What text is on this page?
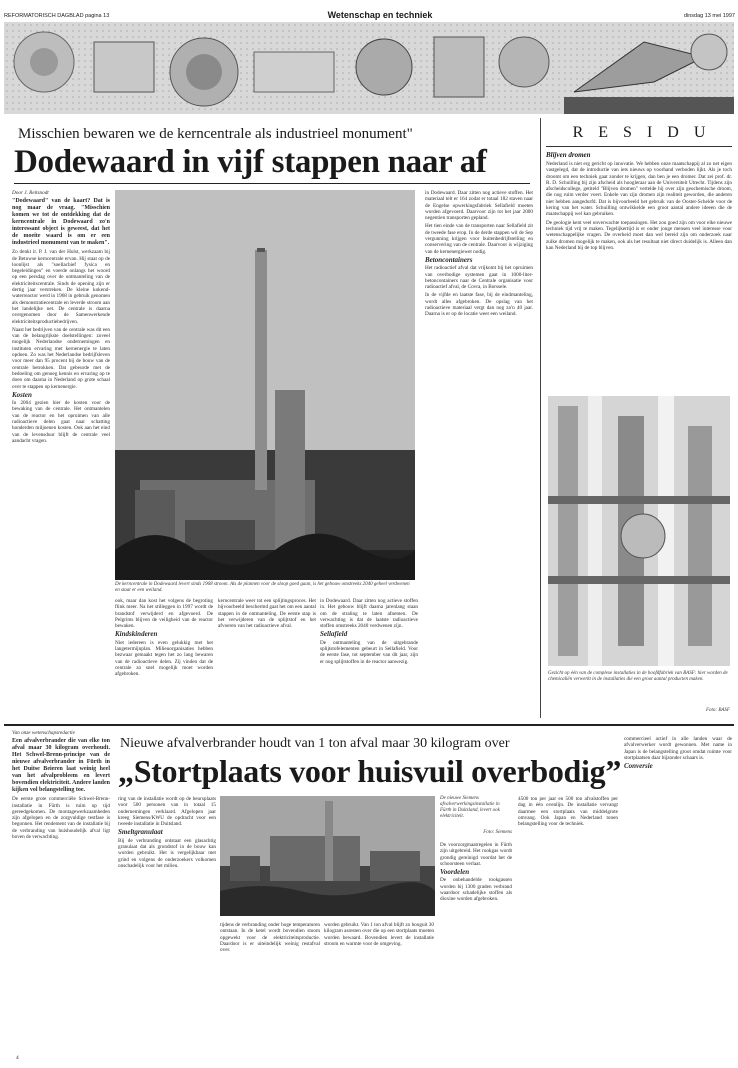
REFORMATORISCH DAGBLAD pagina 13	Wetenschap en techniek	dinsdag 13 mei 1997
Misschien bewaren we de kerncentrale als industrieel monument"
Dodewaard in vijf stappen naar af
Door J. Reitsnodt

"Dodewaard" van de kaart? Dat is nog maar de vraag. "Misschien komen we tot de ontdekking dat de kerncentrale in Dodewaard zo'n interessant object is geweest, dat het de moeite waard is om er een industrieel monument van te maken".

Zo denkt ir. P. J. van der Hulst, werkzaam bij de Betuwse kerncentrale ervan. Hij staat op de loonlijst als "soellachief fysica en begeleidingen" en voerde onlangs het woord op een persdag over de ontmanteling van de elektriciteitscentrale. Sinds de opening zijn er dertig jaar verstreken. De kleine kokend-waterreactor werd in 1968 in gebruik genomen als demonstratiecentrale en leverde stroom aan het landelijke net. De centrale is daarna overgenomen door de Samenwerkende elektriciteitsproductiebedrijven.

Naast het bedrijven van de centrale was dit een van de belangrijkste doelstellingen: zoveel mogelijk Nederlandse ondernemingen en instituten ervaring met kernenergie te laten opdoen. Zo was het Nederlandse bedrijfsleven voor meer dan 95 procent bij de bouw van de centrale betrokken. Dat gebeurde met de bedoeling om genoeg kennis en ervaring op te doen om daarna in Nederland op grote schaal over te stappen op kernenergie.

Kosten

In 2004 gezien hier de kosten voor de bewaking van de centrale. Het ontmantelen van de reactor en het opruimen van alle radioactieve delen gaat naar schatting honderden miljoenen kosten. Ook aan het eind van de levensduur blijft de centrale veel aandacht vragen.

De kerncentrale in Dodewaard levert sinds 1968 stroom. Als de plannen voor de sloop goed gaan, is het gebouw omstreeks 2040 geheel verdwenen en staat er een weiland.

in Dodewaard. Daar zitten nog actieve stoffen. Het materiaal telt er 164 zodat er totaal 182 staven naar de Engelse opwerkingsfabriek Sellafield moeten worden afgevoerd. Daarvoor zijn tot het jaar 2000 negentien transporten gepland.

Het tien einde van de transporten naar Sellafield zit de tweede fase erop. In de derde stappen wil de Sep vergunning krijgen voor buitenbedrijfstelling en conservering van de centrale. Daarvoor is wijziging van de kernenergiewet nodig.

Betoncontainers

Het radioactief afval dat vrijkomt bij het opruimen van overbodige systemen gaat in 1000-liter-betoncontainers naar de Centrale organisatie voor radioactief afval, de Covra, in Borssele.

In de vijfde en laatste fase, bij de eindmanteling, wordt alles afgebroken. De opslag van het radioactieve materiaal vergt dan nog zo'n 40 jaar. Daarna is er op de locatie weer een weiland.

ook, maar dan kost het volgens de begroting flink meer. Na het stilleggen in 1997 wordt de brandstof verwijderd en afgevoerd. De Pelgrims blijven de veiligheid van de reactor bewaken.

Kindskinderen

Niet iedereen is even gelukkig met het langetermijnplan. Milieuorganisaties hebben bezwaar gemaakt tegen het zo lang bewaren van de radioactieve delen. Zij vinden dat de centrale zo snel mogelijk moet worden afgebroken.

kerncentrale weer tot een splijtingsproces. Het bijvoorbeeld beschermd gaat het om een aantal stappen in de ontmanteling. De eerste stap is het verwijderen van de splijtstof en het afvoeren van het radioactieve afval.

in Dodewaard. Daar zitten nog actieve stoffen in. Het gebouw blijft daarna jarenlang staan om de straling te laten afnemen. De verwachting is dat de laatste radioactieve stoffen omstreeks 2040 verdwenen zijn.

Sellafield

De ontmanteling van de uitgebrande splijtstofelementen gebeurt in Sellafield. Voor de eerste fase, tot september van dit jaar, zijn er nog splijtstoffen in de reactor aanwezig.

RESIDU
Blijven dromen

Nederland is niet erg gericht op innovatie. We hebben onze maatschappij al zo net eigen vastgelegd, dat de introductie van iets nieuws op voorhand verboden lijkt. Als je toch droomt om een techniek gaat zonder te krijgen, dan ben je een dromer. Dat zei prof. dr. R. D. Schuilling bij zijn afscheid als hoogleraar aan de Universiteit Utrecht. Tijdens zijn afscheidscollege, getiteld "Blijven dromen" vertelde hij over zijn geochemische droom, die nog ruim verder voert. Enkele van zijn dromen zijn realiteit geworden, die anderen niet hebben aangedurfd. Dat is bijvoorbeeld het gebruik van de Ooster-Schelde voor de kering van het water. Schuilling ontwikkelde een groot aantal andere ideeen die de maatschappij wel kan gebruiken.

De geologie kent veel onverwachte toepassingen. Het zou goed zijn om voor elke nieuwe techniek tijd vrij te maken. Tegelijkertijd is er onder jonge mensen veel interesse voor wetenschappelijke vragen. De overheid moet dan wel bereid zijn om onderzoek naar zulke dromen mogelijk te maken, ook als het resultaat niet direct duidelijk is. Alleen dan kan Nederland bij de top blijven.

Gezicht op één van de complexe installaties in de hoofdfabriek van BASF: hier worden de chemicaliën verwerkt in de installaties die een groot aantal producten maken.
Foto: BASF
Van onze wetenschapsredactie

Een afvalverbrander die van elke ton afval maar 30 kilogram overhoudt. Het Schwel-Brenn-principe van de nieuwe afvalverbrander in Fürth in het Duitse Beieren laat weinig heel van het afvalprobleem en levert bovendien elektriciteit. Andere landen kijken vol belangstelling toe.

De eerste grote commerciële Schwel-Brenn-installatie in Fürth is ruim op tijd gereedgekomen. De montagewerkzaamheden zijn afgelopen en de zorgvuldige testfase is begonnen. Het rendement van de installatie bij de verbranding van huishoudelijk afval ligt boven de verwachting.

Nieuwe afvalverbrander houdt van 1 ton afval maar 30 kilogram over
„Stortplaats voor huisvuil overbodig”

ring van de installatie wordt op de beursplaats voor 500 personen van in totaal 15 ondernemingen verklaard. Afgelopen jaar kreeg Siemens/KWU de opdracht voor een tweede installatie in Duitsland.

Smeltgranulaat

Bij de verbranding ontstaat een glasachtig granulaat dat als grondstof in de bouw kan worden gebruikt. Het is vergelijkbaar met grind en volgens de onderzoekers volkomen onschadelijk voor het milieu.

tijdens de verbranding onder hoge temperaturen ontstaan. In de ketel wordt bovendien stoom opgewekt voor de elektriciteitsproductie. Daardoor is er uiteindelijk weinig restafval over.

worden gebruikt. Van 1 ton afval blijft zo hooguit 30 kilogram asresten over die op een stortplaats moeten worden bewaard. Bovendien levert de installatie stroom en warmte voor de omgeving.

De nieuwe Siemens afvalverwerkingsinstallatie in Fürth in Duitsland, levert ook elektriciteit.
Foto: Siemens

De voorzorgmaatregelen in Fürth zijn uitgebreid. Het rookgas wordt grondig gereinigd voordat het de schoorsteen verlaat.

Voordelen

De onbehandelde rookgassen worden bij 1300 graden verbrand waardoor schadelijke stoffen als dioxine worden afgebroken.

4500 ton per jaar en 500 ton afvalstoffen per dag in één ovenlijn. De installatie vervangt daarmee een stortplaats van middelgrote omvang. Ook Japan en Nederland tonen belangstelling voor de techniek.

commercieel actief in alle landen waar de afvalverwerker wordt gewonnen. Met name in Japan is de belangstelling groot omdat ruimte voor stortplaatsen daar bijzonder schaars is.

Conversie
4
